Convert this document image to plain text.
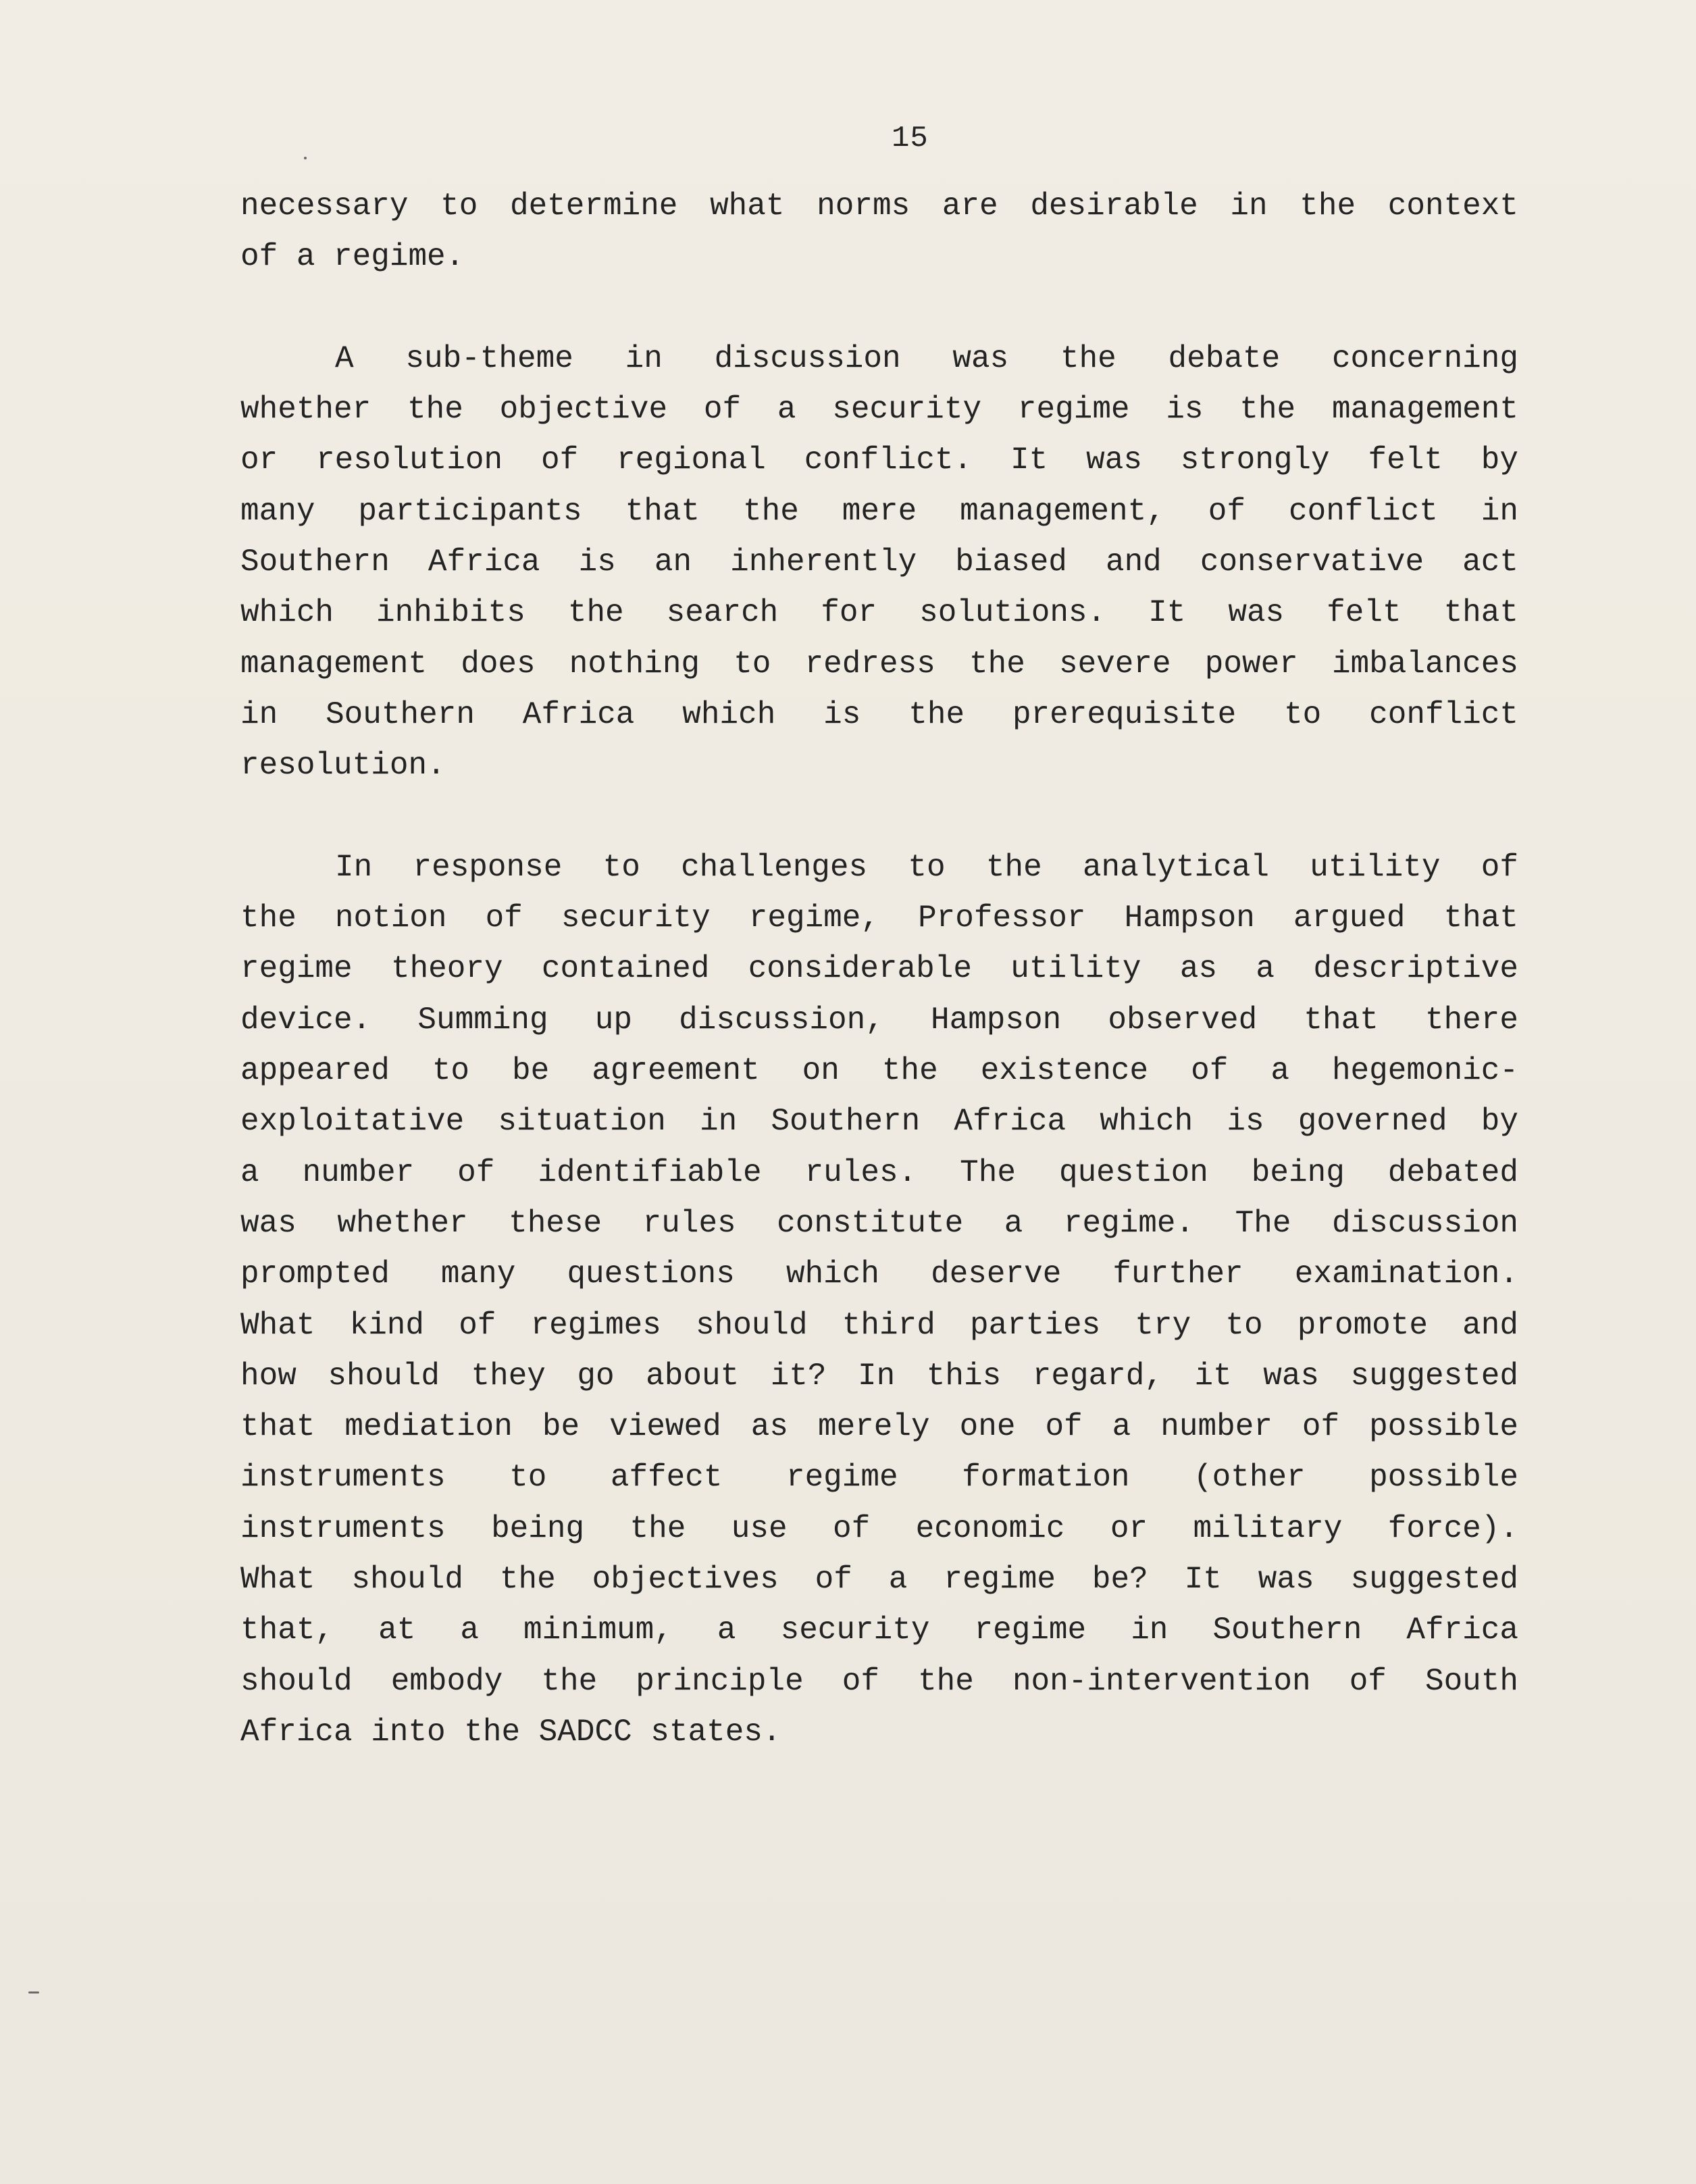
15
necessary to determine what norms are desirable in the context
of a regime.
A sub-theme in discussion was the debate concerning
whether the objective of a security regime is the management
or resolution of regional conflict. It was strongly felt by
many participants that the mere management, of conflict in
Southern Africa is an inherently biased and conservative act
which inhibits the search for solutions. It was felt that
management does nothing to redress the severe power imbalances
in Southern Africa which is the prerequisite to conflict
resolution.
In response to challenges to the analytical utility of
the notion of security regime, Professor Hampson argued that
regime theory contained considerable utility as a descriptive
device. Summing up discussion, Hampson observed that there
appeared to be agreement on the existence of a hegemonic-
exploitative situation in Southern Africa which is governed by
a number of identifiable rules. The question being debated
was whether these rules constitute a regime. The discussion
prompted many questions which deserve further examination.
What kind of regimes should third parties try to promote and
how should they go about it? In this regard, it was suggested
that mediation be viewed as merely one of a number of possible
instruments to affect regime formation (other possible
instruments being the use of economic or military force).
What should the objectives of a regime be? It was suggested
that, at a minimum, a security regime in Southern Africa
should embody the principle of the non-intervention of South
Africa into the SADCC states.
